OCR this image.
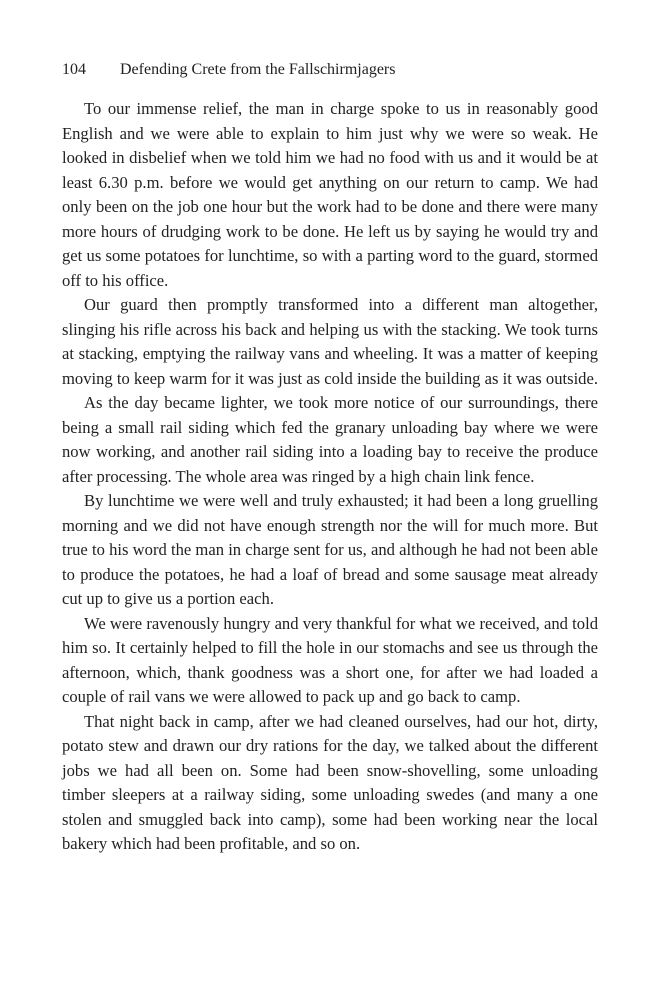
104 Defending Crete from the Fallschirmjagers

To our immense relief, the man in charge spoke to us in reasonably good English and we were able to explain to him just why we were so weak. He looked in disbelief when we told him we had no food with us and it would be at least 6.30 p.m. before we would get anything on our return to camp. We had only been on the job one hour but the work had to be done and there were many more hours of drudging work to be done. He left us by saying he would try and get us some potatoes for lunchtime, so with a parting word to the guard, stormed off to his office.

Our guard then promptly transformed into a different man altogether, slinging his rifle across his back and helping us with the stacking. We took turns at stacking, emptying the railway vans and wheeling. It was a matter of keeping moving to keep warm for it was just as cold inside the building as it was outside.

As the day became lighter, we took more notice of our surroundings, there being a small rail siding which fed the granary unloading bay where we were now working, and another rail siding into a loading bay to receive the produce after processing. The whole area was ringed by a high chain link fence.

By lunchtime we were well and truly exhausted; it had been a long gruelling morning and we did not have enough strength nor the will for much more. But true to his word the man in charge sent for us, and although he had not been able to produce the potatoes, he had a loaf of bread and some sausage meat already cut up to give us a portion each.

We were ravenously hungry and very thankful for what we received, and told him so. It certainly helped to fill the hole in our stomachs and see us through the afternoon, which, thank goodness was a short one, for after we had loaded a couple of rail vans we were allowed to pack up and go back to camp.

That night back in camp, after we had cleaned ourselves, had our hot, dirty, potato stew and drawn our dry rations for the day, we talked about the different jobs we had all been on. Some had been snow-shovelling, some unloading timber sleepers at a railway siding, some unloading swedes (and many a one stolen and smuggled back into camp), some had been working near the local bakery which had been profitable, and so on.
